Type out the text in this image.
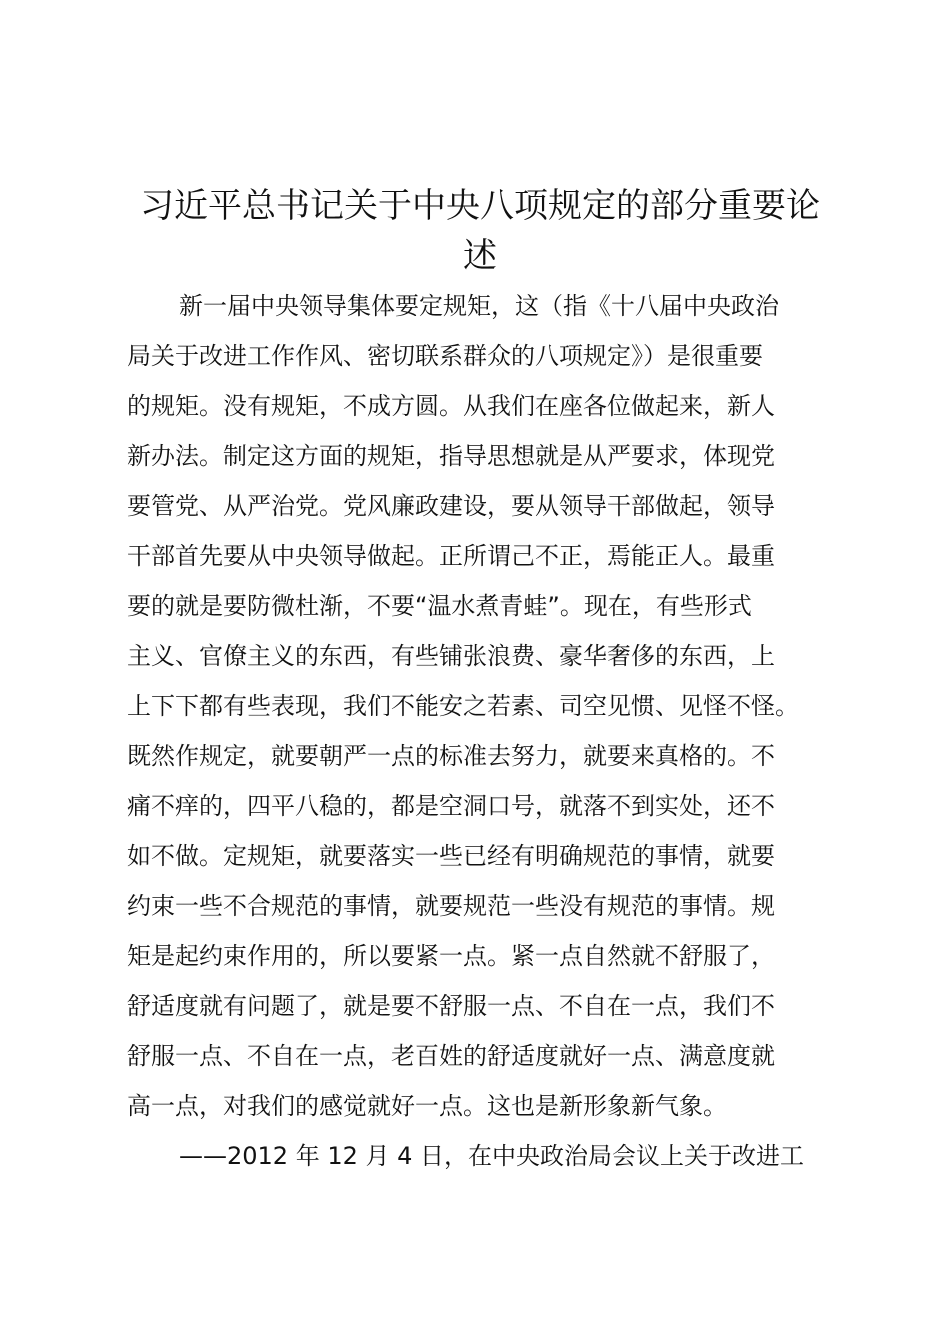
习近平总书记关于中央八项规定的部分重要论
述
新一届中央领导集体要定规矩，这（指《十八届中央政治
局关于改进工作作风、密切联系群众的八项规定》）是很重要
的规矩。没有规矩，不成方圆。从我们在座各位做起来，新人
新办法。制定这方面的规矩，指导思想就是从严要求，体现党
要管党、从严治党。党风廉政建设，要从领导干部做起，领导
干部首先要从中央领导做起。正所谓己不正，焉能正人。最重
要的就是要防微杜渐，不要“温水煮青蛙”。现在，有些形式
主义、官僚主义的东西，有些铺张浪费、豪华奢侈的东西，上
上下下都有些表现，我们不能安之若素、司空见惯、见怪不怪。
既然作规定，就要朝严一点的标准去努力，就要来真格的。不
痛不痒的，四平八稳的，都是空洞口号，就落不到实处，还不
如不做。定规矩，就要落实一些已经有明确规范的事情，就要
约束一些不合规范的事情，就要规范一些没有规范的事情。规
矩是起约束作用的，所以要紧一点。紧一点自然就不舒服了，
舒适度就有问题了，就是要不舒服一点、不自在一点，我们不
舒服一点、不自在一点，老百姓的舒适度就好一点、满意度就
高一点，对我们的感觉就好一点。这也是新形象新气象。
——2012 年 12 月 4 日，在中央政治局会议上关于改进工
